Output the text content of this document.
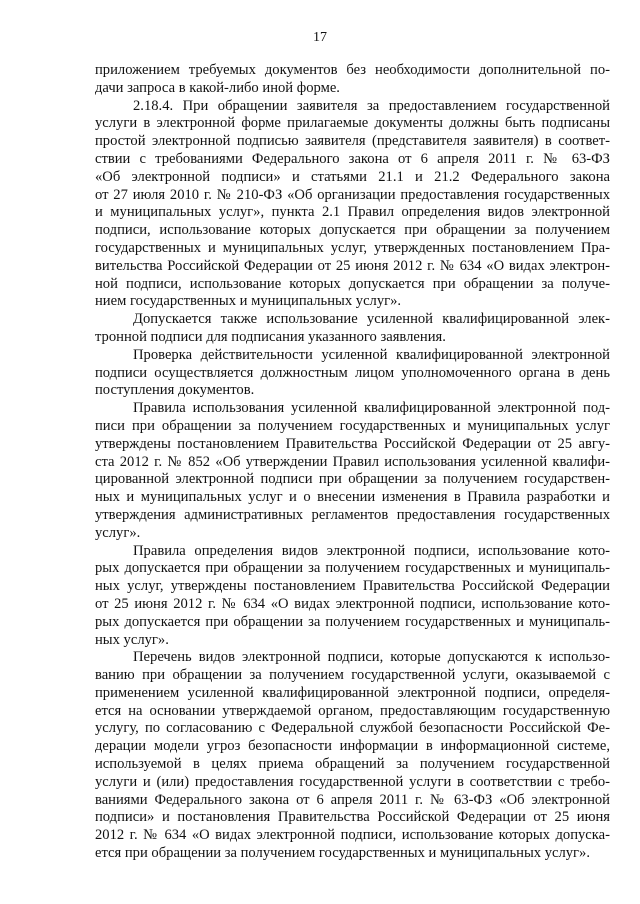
17
приложением требуемых документов без необходимости дополнительной по-
дачи запроса в какой-либо иной форме.
2.18.4. При обращении заявителя за предоставлением государственной
услуги в электронной форме прилагаемые документы должны быть подписаны
простой электронной подписью заявителя (представителя заявителя) в соответ-
ствии с требованиями Федерального закона от 6 апреля 2011 г. № 63-ФЗ
«Об электронной подписи» и статьями 21.1 и 21.2 Федерального закона
от 27 июля 2010 г. № 210-ФЗ «Об организации предоставления государственных
и муниципальных услуг», пункта 2.1 Правил определения видов электронной
подписи, использование которых допускается при обращении за получением
государственных и муниципальных услуг, утвержденных постановлением Пра-
вительства Российской Федерации от 25 июня 2012 г. № 634 «О видах электрон-
ной подписи, использование которых допускается при обращении за получе-
нием государственных и муниципальных услуг».
Допускается также использование усиленной квалифицированной элек-
тронной подписи для подписания указанного заявления.
Проверка действительности усиленной квалифицированной электронной
подписи осуществляется должностным лицом уполномоченного органа в день
поступления документов.
Правила использования усиленной квалифицированной электронной под-
писи при обращении за получением государственных и муниципальных услуг
утверждены постановлением Правительства Российской Федерации от 25 авгу-
ста 2012 г. № 852 «Об утверждении Правил использования усиленной квалифи-
цированной электронной подписи при обращении за получением государствен-
ных и муниципальных услуг и о внесении изменения в Правила разработки и
утверждения административных регламентов предоставления государственных
услуг».
Правила определения видов электронной подписи, использование кото-
рых допускается при обращении за получением государственных и муниципаль-
ных услуг, утверждены постановлением Правительства Российской Федерации
от 25 июня 2012 г. № 634 «О видах электронной подписи, использование кото-
рых допускается при обращении за получением государственных и муниципаль-
ных услуг».
Перечень видов электронной подписи, которые допускаются к использо-
ванию при обращении за получением государственной услуги, оказываемой с
применением усиленной квалифицированной электронной подписи, определя-
ется на основании утверждаемой органом, предоставляющим государственную
услугу, по согласованию с Федеральной службой безопасности Российской Фе-
дерации модели угроз безопасности информации в информационной системе,
используемой в целях приема обращений за получением государственной
услуги и (или) предоставления государственной услуги в соответствии с требо-
ваниями Федерального закона от 6 апреля 2011 г. № 63-ФЗ «Об электронной
подписи» и постановления Правительства Российской Федерации от 25 июня
2012 г. № 634 «О видах электронной подписи, использование которых допуска-
ется при обращении за получением государственных и муниципальных услуг».
